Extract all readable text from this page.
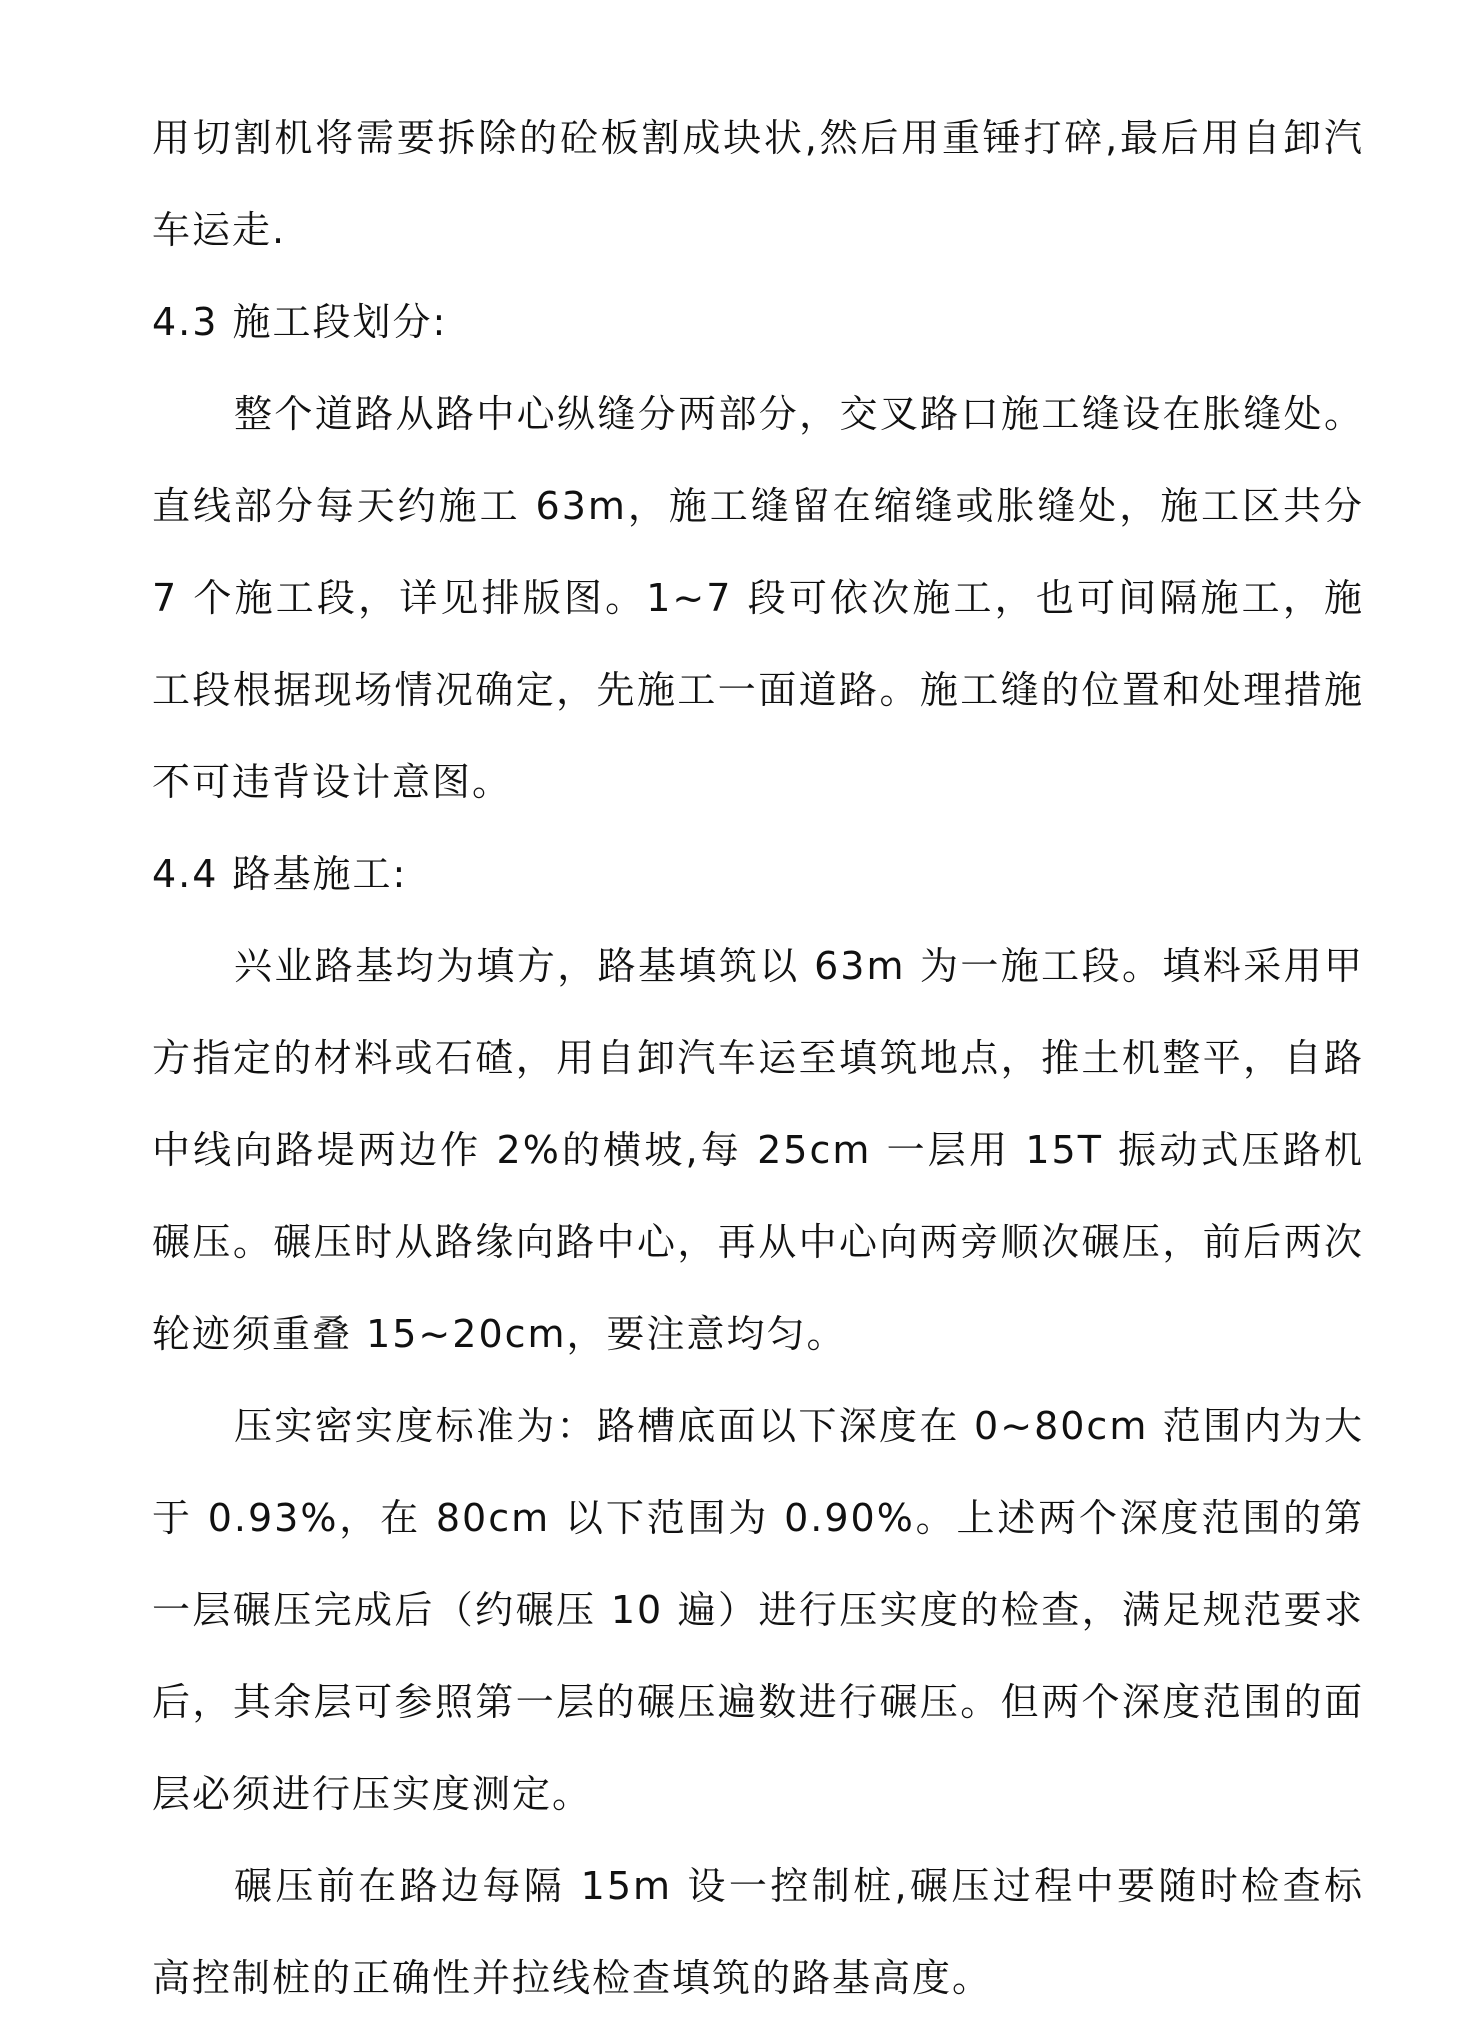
用切割机将需要拆除的砼板割成块状,然后用重锤打碎,最后用自卸汽车运走.

4.3 施工段划分:

整个道路从路中心纵缝分两部分，交叉路口施工缝设在胀缝处。直线部分每天约施工 63m，施工缝留在缩缝或胀缝处，施工区共分 7 个施工段，详见排版图。1~7 段可依次施工，也可间隔施工，施工段根据现场情况确定，先施工一面道路。施工缝的位置和处理措施不可违背设计意图。

4.4 路基施工:

兴业路基均为填方，路基填筑以 63m 为一施工段。填料采用甲方指定的材料或石碴，用自卸汽车运至填筑地点，推土机整平，自路中线向路堤两边作 2%的横坡,每 25cm 一层用 15T 振动式压路机碾压。碾压时从路缘向路中心，再从中心向两旁顺次碾压，前后两次轮迹须重叠 15~20cm，要注意均匀。

压实密实度标准为：路槽底面以下深度在 0~80cm 范围内为大于 0.93%，在 80cm 以下范围为 0.90%。上述两个深度范围的第一层碾压完成后（约碾压 10 遍）进行压实度的检查，满足规范要求后，其余层可参照第一层的碾压遍数进行碾压。但两个深度范围的面层必须进行压实度测定。

碾压前在路边每隔 15m 设一控制桩,碾压过程中要随时检查标高控制桩的正确性并拉线检查填筑的路基高度。
